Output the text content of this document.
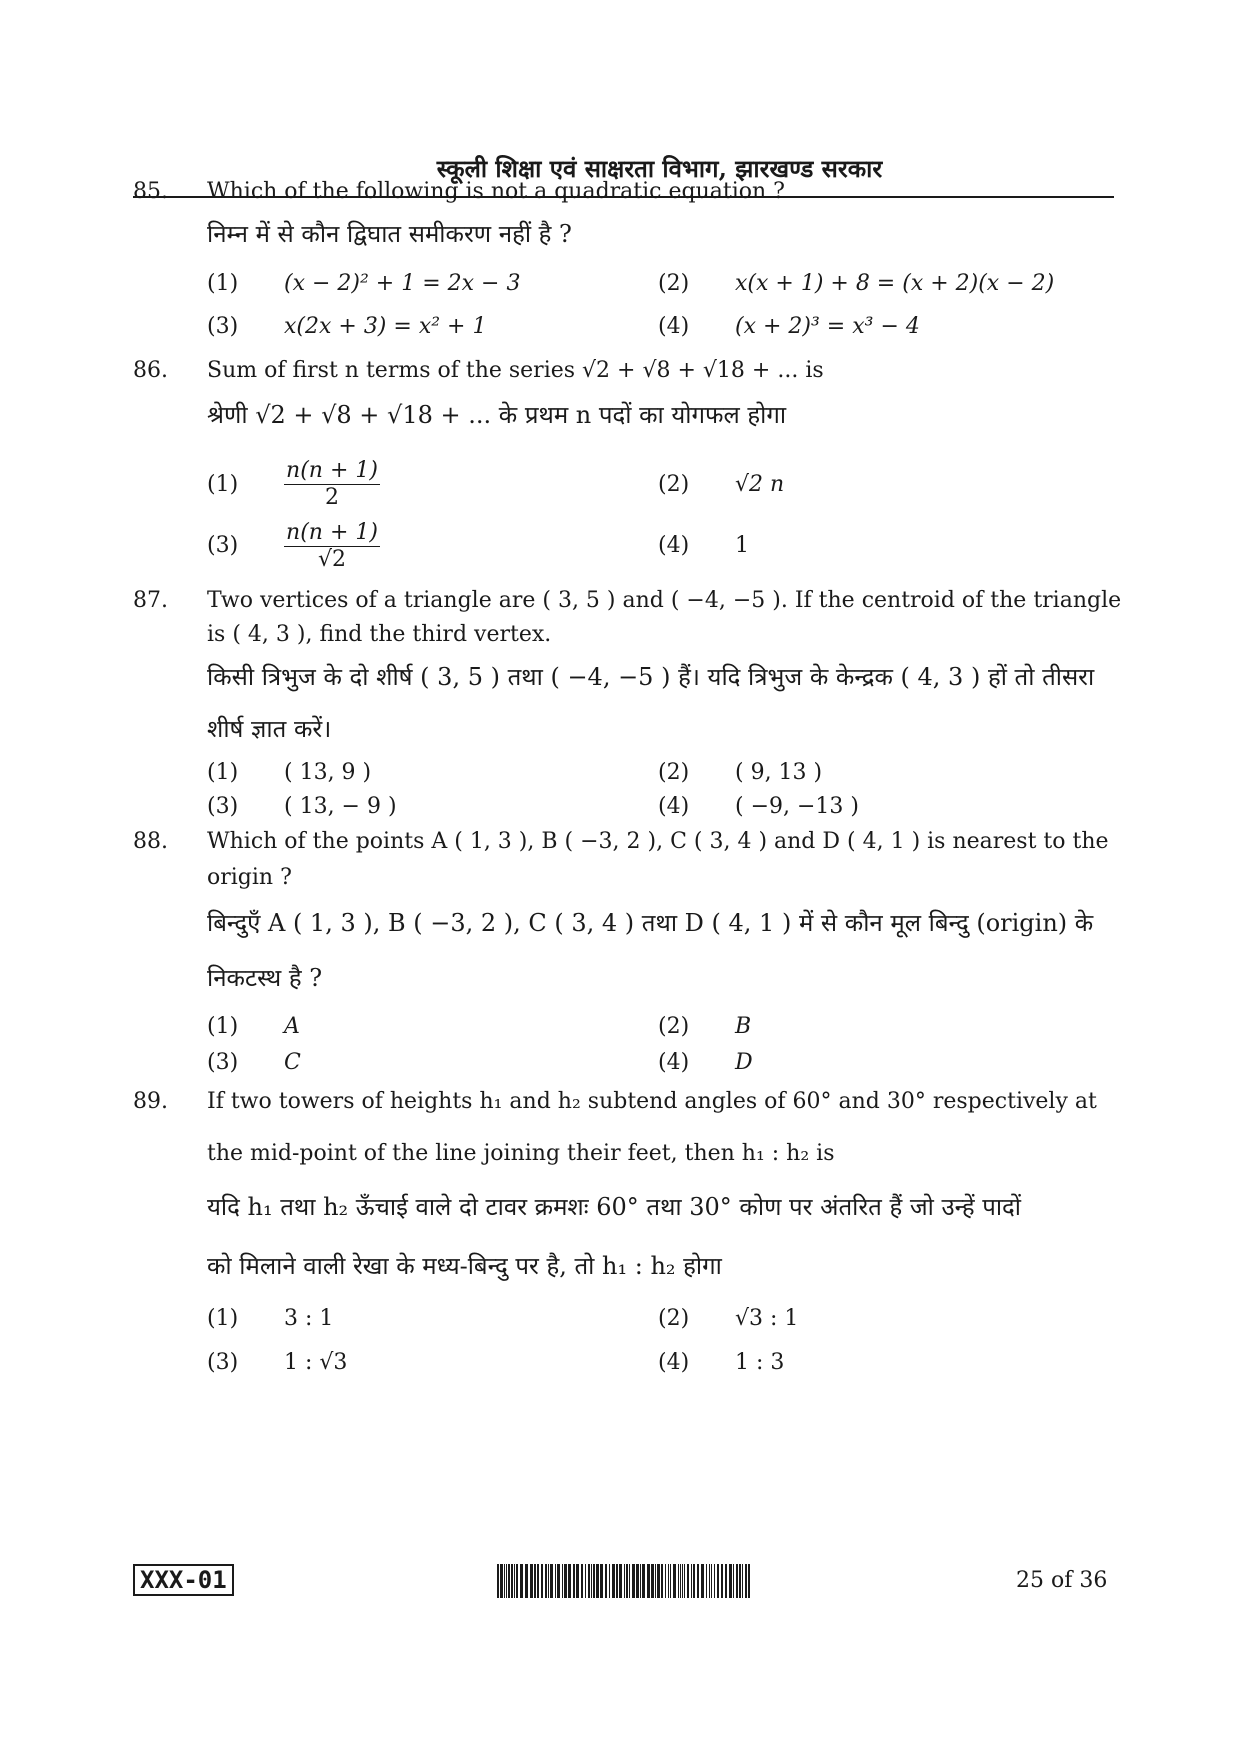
स्कूली शिक्षा एवं साक्षरता विभाग, झारखण्ड सरकार
85. Which of the following is not a quadratic equation ?
निम्न में से कौन द्विघात समीकरण नहीं है ?
(1) (x − 2)² + 1 = 2x − 3	(2) x(x + 1) + 8 = (x + 2)(x − 2)
(3) x(2x + 3) = x² + 1	(4) (x + 2)³ = x³ − 4
86. Sum of first n terms of the series √2 + √8 + √18 + ... is
श्रेणी √2 + √8 + √18 + ... के प्रथम n पदों का योगफल होगा
$(1) \frac{n(n + 1)}{2}$	(2) √2 n
$(3) \frac{n(n + 1)}{√2}$	(4) 1
87. Two vertices of a triangle are ( 3, 5 ) and ( −4, −5 ). If the centroid of the triangle
is ( 4, 3 ), find the third vertex.
किसी त्रिभुज के दो शीर्ष ( 3, 5 ) तथा ( −4, −5 ) हैं। यदि त्रिभुज के केन्द्रक ( 4, 3 ) हों तो तीसरा
शीर्ष ज्ञात करें।
(1) ( 13, 9 )	(2) ( 9, 13 )
(3) ( 13, − 9 )	(4) ( −9, −13 )
88. Which of the points A ( 1, 3 ), B ( −3, 2 ), C ( 3, 4 ) and D ( 4, 1 ) is nearest to the
origin ?
बिन्दुएँ A ( 1, 3 ), B ( −3, 2 ), C ( 3, 4 ) तथा D ( 4, 1 ) में से कौन मूल बिन्दु (origin) के
निकटस्थ है ?
(1) A	(2) B
(3) C	(4) D
89. If two towers of heights h₁ and h₂ subtend angles of 60° and 30° respectively at
the mid-point of the line joining their feet, then h₁ : h₂ is
यदि h₁ तथा h₂ ऊँचाई वाले दो टावर क्रमशः 60° तथा 30° कोण पर अंतरित हैं जो उन्हें पादों
को मिलाने वाली रेखा के मध्य-बिन्दु पर है, तो h₁ : h₂ होगा
(1) 3 : 1	(2) √3 : 1
(3) 1 : √3	(4) 1 : 3
XXX-01	25 of 36
